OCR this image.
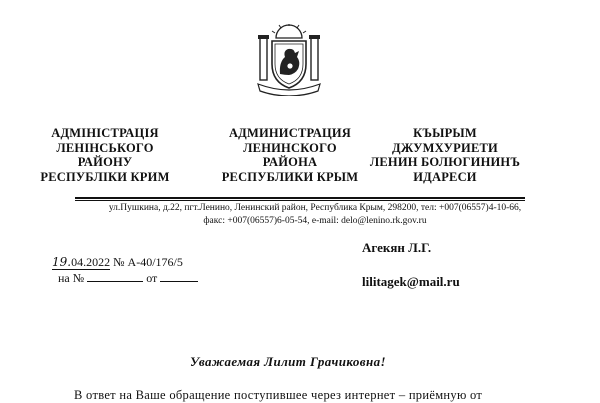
АДМІНІСТРАЦІЯ
ЛЕНІНСЬКОГО
РАЙОНУ
РЕСПУБЛІКИ КРИМ
АДМИНИСТРАЦИЯ
ЛЕНИНСКОГО
РАЙОНА
РЕСПУБЛИКИ КРЫМ
КЪЫРЫМ
ДЖУМХУРИЕТИ
ЛЕНИН БОЛЮГИНИНЪ
ИДАРЕСИ
ул.Пушкина, д.22, пгт.Ленино, Ленинский район, Республика Крым, 298200, тел: +007(06557)4-10-66,
факс: +007(06557)6-05-54, e-mail: delo@lenino.rk.gov.ru
19.04.2022 № А-40/176/5
на №	от
Агекян Л.Г.
lilitagek@mail.ru
Уважаемая Лилит Грачиковна!
В ответ на Ваше обращение поступившее через интернет – приёмную от
